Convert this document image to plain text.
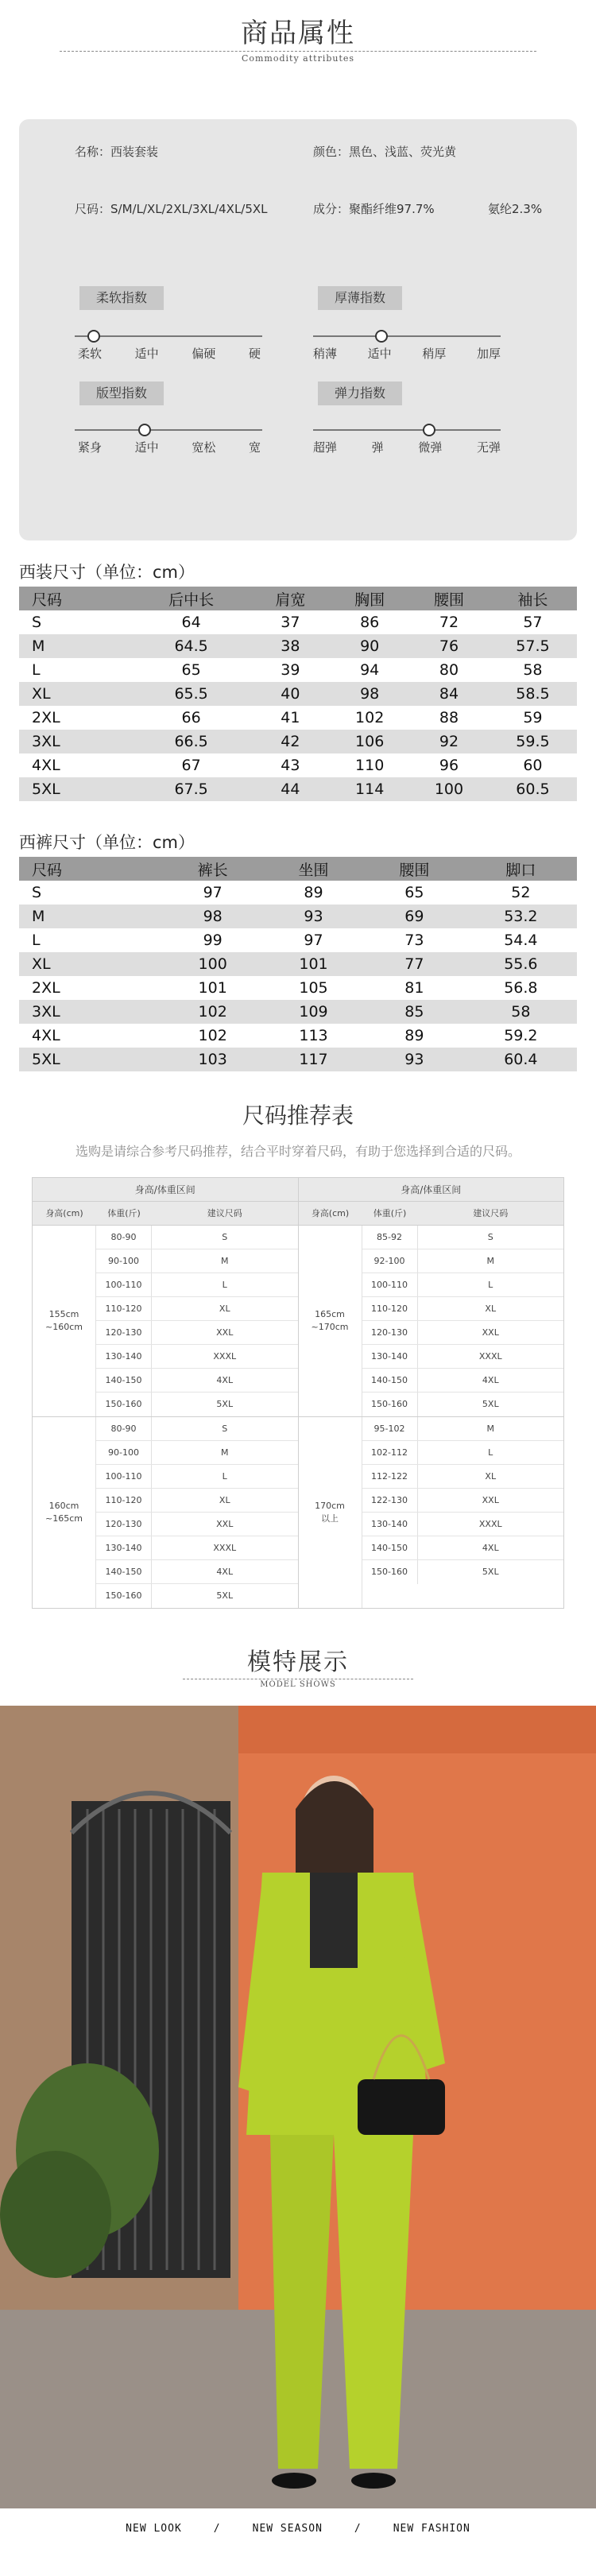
商品属性
Commodity attributes
名称：西装套装	颜色：黑色、浅蓝、荧光黄
尺码：S/M/L/XL/2XL/3XL/4XL/5XL	成分：聚酯纤维97.7%	氨纶2.3%
柔软指数
柔软	适中	偏硬	硬
厚薄指数
稍薄	适中	稍厚	加厚
版型指数
紧身	适中	宽松	宽
弹力指数
超弹	弹	微弹	无弹
西装尺寸（单位：cm）
尺码	后中长	肩宽	胸围	腰围	袖长
S	64	37	86	72	57
M	64.5	38	90	76	57.5
L	65	39	94	80	58
XL	65.5	40	98	84	58.5
2XL	66	41	102	88	59
3XL	66.5	42	106	92	59.5
4XL	67	43	110	96	60
5XL	67.5	44	114	100	60.5
西裤尺寸（单位：cm）
尺码	裤长	坐围	腰围	脚口
S	97	89	65	52
M	98	93	69	53.2
L	99	97	73	54.4
XL	100	101	77	55.6
2XL	101	105	81	56.8
3XL	102	109	85	58
4XL	102	113	89	59.2
5XL	103	117	93	60.4
尺码推荐表
选购是请综合参考尺码推荐，结合平时穿着尺码，有助于您选择到合适的尺码。
身高/体重区间
身高(cm)	体重(斤)	建议尺码
155cm
~160cm
80-90	S
90-100	M
100-110	L
110-120	XL
120-130	XXL
130-140	XXXL
140-150	4XL
150-160	5XL
160cm
~165cm
80-90	S
90-100	M
100-110	L
110-120	XL
120-130	XXL
130-140	XXXL
140-150	4XL
150-160	5XL
身高/体重区间
身高(cm)	体重(斤)	建议尺码
165cm
~170cm
85-92	S
92-100	M
100-110	L
110-120	XL
120-130	XXL
130-140	XXXL
140-150	4XL
150-160	5XL
170cm
以上
95-102	M
102-112	L
112-122	XL
122-130	XXL
130-140	XXXL
140-150	4XL
150-160	5XL
模特展示
MODEL SHOWS
NEW LOOK	/	NEW SEASON	/	NEW FASHION
